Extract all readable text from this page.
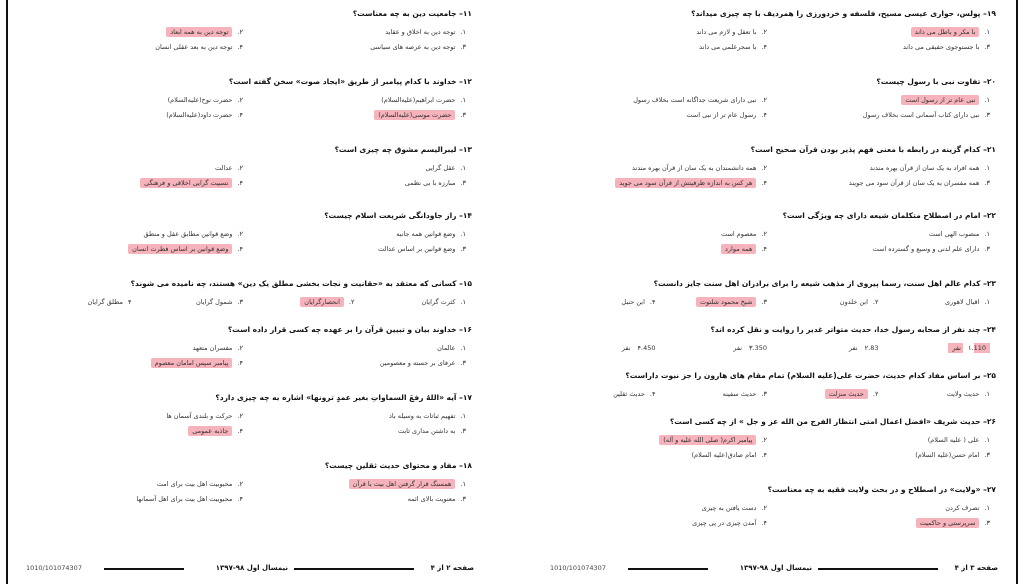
۱۱– جامعیت دین به چه معناست؟
۱.توجه دین به اخلاق و عقاید
۲.توجه دین به همه ابعاد
۳.توجه دین به عرصه های سیاسی
۴.توجه دین به بعد عقلی انسان
۱۲– خداوند با کدام پیامبر از طریق «ایجاد صوت» سخن گفته است؟
۱.حضرت ابراهیم(علیه‌السلام)
۲.حضرت نوح(علیه‌السلام)
۳.حضرت موسی(علیه‌السلام)
۴.حضرت داود(علیه‌السلام)
۱۳– لیبرالیسم مشوق چه چیزی است؟
۱.عقل گرایی
۲.عدالت
۳.مبارزه با بی نظمی
۴.نسبیت گرایی اخلاقی و فرهنگی
۱۴– راز جاودانگی شریعت اسلام چیست؟
۱.وضع قوانین همه جانبه
۲.وضع قوانین مطابق عقل و منطق
۳.وضع قوانین بر اساس عدالت
۴.وضع قوانین بر اساس فطرت انسان
۱۵– کسانی که معتقد به «حقانیت و نجات بخشی مطلق یک دین» هستند، چه نامیده می شوند؟
۱.کثرت گرایان
۲.انحصارگرایان
۳.شمول گرایان
۴مطلق گرایان
۱۶– خداوند بیان و تبیین قرآن را بر عهده چه کسی قرار داده است؟
۱.عالمان
۲.مفسران متعهد
۳.عرفای بر جسته و معصومین
۴.پیامبر سپس امامان معصوم
۱۷– آیه «اللهُ رفعَ السماواتِ بغیر عمدٍ ترونها» اشاره به چه چیزی دارد؟
۱.تفهیم ثباتات به وسیله باد
۲.حرکت و بلندی آسمان ها
۳.به داشتن مداری ثابت
۴.جاذبه عمومی
۱۸– مفاد و محتوای حدیث ثقلین چیست؟
۱.همسنگ قرار گرفتن اهل بیت با قرآن
۲.محبوبیت اهل بیت برای امت
۳.معنویت بالای ائمه
۴.محبوبیت اهل بیت برای اهل آسمانها
صفحه ۲ از ۴
نیمسال اول ۹۸-۱۳۹۷
1010/101074307
۱۹– پولس، حواری عیسی مسیح، فلسفه و خردورزی را همردیف با چه چیزی میداند؟
۱.با مکر و باطل می داند
۲.با تعقل و لازم می داند
۳.با جستوجوی حقیقی می داند
۴.با سحرعلمی می داند
۲۰– تفاوت نبی با رسول چیست؟
۱.نبی عام تر از رسول است
۲.نبی دارای شریعت جداگانه است بخلاف رسول
۳.نبی دارای کتاب آسمانی است بخلاف رسول
۴.رسول عام تر از نبی است
۲۱– کدام گزینه در رابطه با معنی فهم پذیر بودن قرآن صحیح است؟
۱.همه افراد به یک سان از قرآن بهره مندند
۲.همه دانشمندان به یک سان از قرآن بهره مندند
۳.همه مفسران به یک سان از قرآن سود می جویند
۴.هر کس به اندازه ظرفیتش از قرآن سود می جوید
۲۲– امام در اصطلاح متکلمان شیعه دارای چه ویژگی است؟
۱.منصوب الهی است
۲.معصوم است
۳.دارای علم لدنی و وسیع و گسترده است
۴.همه موارد
۲۳– کدام عالم اهل سنت، رسما پیروی از مذهب شیعه را برای برادران اهل سنت جایز دانست؟
۱.اقبال لاهوری
۲.ابن خلدون
۳.شیخ محمود شلتوت
۴.ابن حنبل
۲۴– چند نفر از صحابه رسول خدا، حدیث متواتر غدیر را روایت و نقل کرده اند؟
۱.110 نفر
۲.83 نفر
۳.350 نفر
۴.450 نفر
۲۵– بر اساس مفاد کدام حدیث، حضرت علی(علیه السلام) تمام مقام های هارون را جز نبوت داراست؟
۱.حدیث ولایت
۲.حدیث منزلت
۳.حدیث سفینه
۴.حدیث ثقلین
۲۶– حدیث شریف «افضل اعمال امتی انتظار الفرج من الله عز و جل » از چه کسی است؟
۱.علی ( علیه السلام)
۲.پیامبر اکرم( صلی الله علیه و آله)
۳.امام حسن(علیه السلام)
۴.امام صادق(علیه السلام)
۲۷– «ولایت» در اصطلاح و در بحث ولایت فقیه به چه معناست؟
۱.تصرف کردن
۲.دست یافتن به چیزی
۳.سرپرستی و حاکمیت
۴.آمدن چیزی در پی چیزی
صفحه ۳ از ۴
نیمسال اول ۹۸-۱۳۹۷
1010/101074307
